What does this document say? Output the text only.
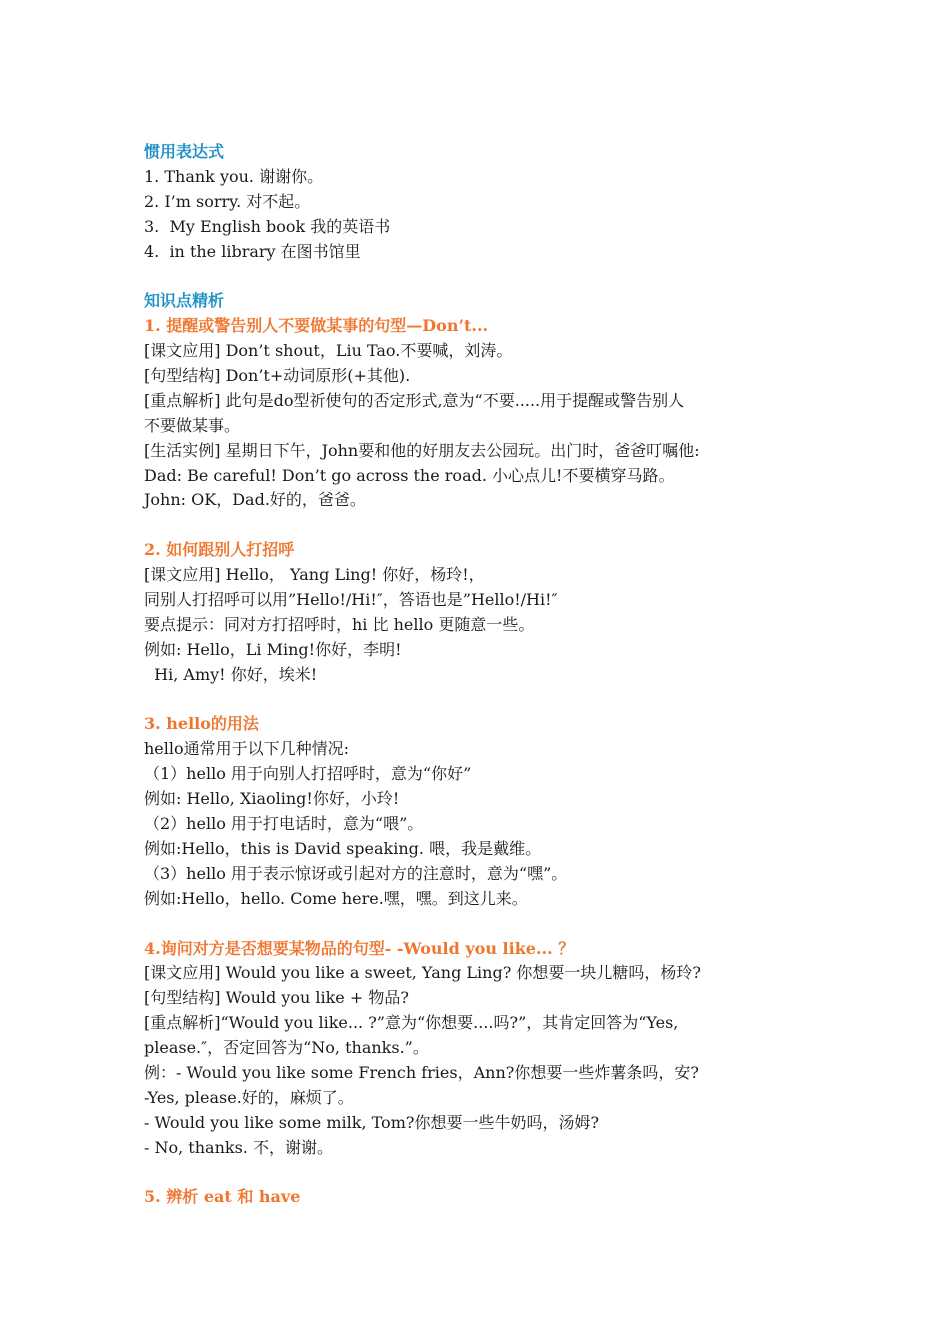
惯用表达式
1. Thank you. 谢谢你。
2. I’m sorry. 对不起。
3.  My English book 我的英语书
4.  in the library 在图书馆里
知识点精析
1. 提醒或警告别人不要做某事的句型—Don’t...
[课文应用] Don’t shout，Liu Tao.不要喊，刘涛。
[句型结构] Don’t+动词原形(+其他).
[重点解析] 此句是do型祈使句的否定形式,意为“不要.....用于提醒或警告别人
不要做某事。
[生活实例] 星期日下午，John要和他的好朋友去公园玩。出门时，爸爸叮嘱他:
Dad: Be careful! Don’t go across the road. 小心点儿!不要横穿马路。
John: OK，Dad.好的，爸爸。
2. 如何跟别人打招呼
[课文应用] Hello， Yang Ling! 你好，杨玲!，
同别人打招呼可以用”Hello!/Hi!″，答语也是”Hello!/Hi!″
要点提示：同对方打招呼时，hi 比 hello 更随意一些。
例如: Hello，Li Ming!你好，李明!
Hi, Amy! 你好，埃米!
3. hello的用法
hello通常用于以下几种情况:
（1）hello 用于向别人打招呼时，意为“你好”
例如: Hello, Xiaoling!你好，小玲!
（2）hello 用于打电话时，意为“喂”。
例如:Hello，this is David speaking. 喂，我是戴维。
（3）hello 用于表示惊讶或引起对方的注意时，意为“嘿”。
例如:Hello，hello. Come here.嘿，嘿。到这儿来。
4.询问对方是否想要某物品的句型- -Would you like... ？
[课文应用] Would you like a sweet, Yang Ling? 你想要一块儿糖吗，杨玲?
[句型结构] Would you like + 物品?
[重点解析]“Would you like... ?”意为“你想要....吗?”，其肯定回答为“Yes,
please.″，否定回答为“No, thanks.”。
例：- Would you like some French fries，Ann?你想要一些炸薯条吗，安?
-Yes, please.好的，麻烦了。
- Would you like some milk, Tom?你想要一些牛奶吗，汤姆?
- No, thanks. 不，谢谢。
5. 辨析 eat 和 have
